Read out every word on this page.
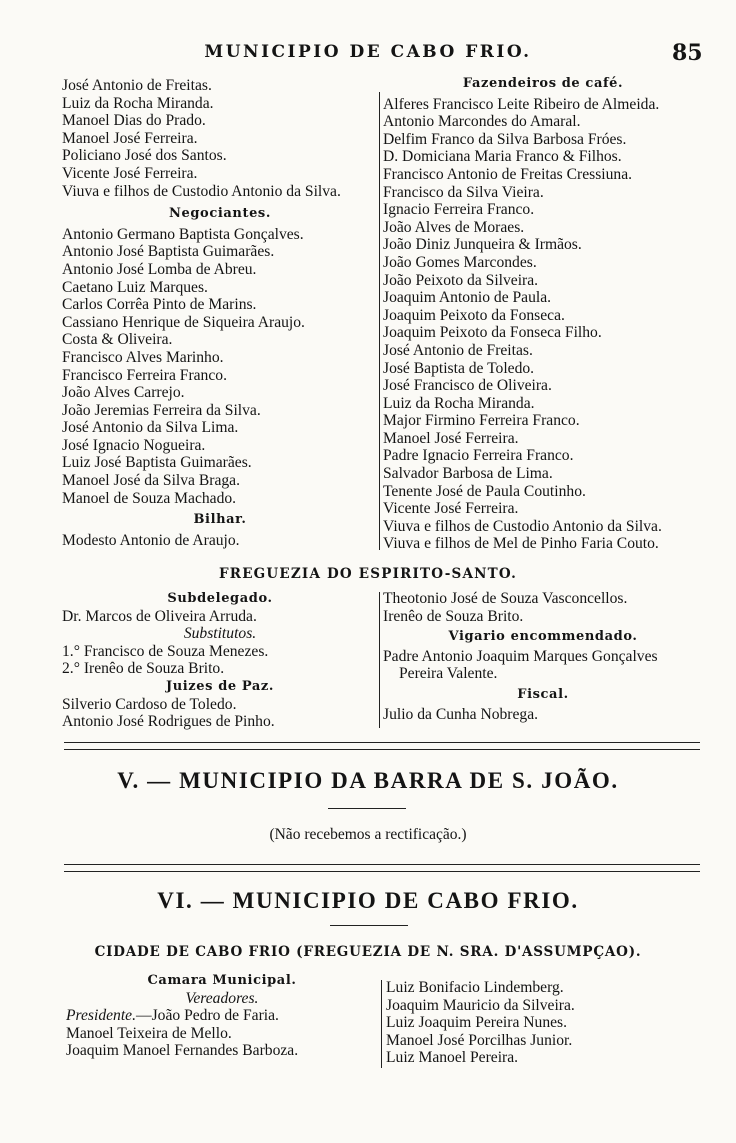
MUNICIPIO DE CABO FRIO.	85
José Antonio de Freitas.
Luiz da Rocha Miranda.
Manoel Dias do Prado.
Manoel José Ferreira.
Policiano José dos Santos.
Vicente José Ferreira.
Viuva e filhos de Custodio Antonio da Silva.
Negociantes.
Antonio Germano Baptista Gonçalves.
Antonio José Baptista Guimarães.
Antonio José Lomba de Abreu.
Caetano Luiz Marques.
Carlos Corrêa Pinto de Marins.
Cassiano Henrique de Siqueira Araujo.
Costa & Oliveira.
Francisco Alves Marinho.
Francisco Ferreira Franco.
João Alves Carrejo.
João Jeremias Ferreira da Silva.
José Antonio da Silva Lima.
José Ignacio Nogueira.
Luiz José Baptista Guimarães.
Manoel José da Silva Braga.
Manoel de Souza Machado.
Bilhar.
Modesto Antonio de Araujo.
Fazendeiros de café.
Alferes Francisco Leite Ribeiro de Almeida.
Antonio Marcondes do Amaral.
Delfim Franco da Silva Barbosa Fróes.
D. Domiciana Maria Franco & Filhos.
Francisco Antonio de Freitas Cressiuna.
Francisco da Silva Vieira.
Ignacio Ferreira Franco.
João Alves de Moraes.
João Diniz Junqueira & Irmãos.
João Gomes Marcondes.
João Peixoto da Silveira.
Joaquim Antonio de Paula.
Joaquim Peixoto da Fonseca.
Joaquim Peixoto da Fonseca Filho.
José Antonio de Freitas.
José Baptista de Toledo.
José Francisco de Oliveira.
Luiz da Rocha Miranda.
Major Firmino Ferreira Franco.
Manoel José Ferreira.
Padre Ignacio Ferreira Franco.
Salvador Barbosa de Lima.
Tenente José de Paula Coutinho.
Vicente José Ferreira.
Viuva e filhos de Custodio Antonio da Silva.
Viuva e filhos de Mel de Pinho Faria Couto.
FREGUEZIA DO ESPIRITO-SANTO.
Subdelegado.
Dr. Marcos de Oliveira Arruda.
Substitutos.
1.° Francisco de Souza Menezes.
2.° Irenêo de Souza Brito.
Juizes de Paz.
Silverio Cardoso de Toledo.
Antonio José Rodrigues de Pinho.
Theotonio José de Souza Vasconcellos.
Irenêo de Souza Brito.
Vigario encommendado.
Padre Antonio Joaquim Marques Gonçalves
Pereira Valente.
Fiscal.
Julio da Cunha Nobrega.
V. — MUNICIPIO DA BARRA DE S. JOÃO.
(Não recebemos a rectificação.)
VI. — MUNICIPIO DE CABO FRIO.
CIDADE DE CABO FRIO (FREGUEZIA DE N. SRA. D'ASSUMPÇAO).
Camara Municipal.
Vereadores.
Presidente.—João Pedro de Faria.
Manoel Teixeira de Mello.
Joaquim Manoel Fernandes Barboza.
Luiz Bonifacio Lindemberg.
Joaquim Mauricio da Silveira.
Luiz Joaquim Pereira Nunes.
Manoel José Porcilhas Junior.
Luiz Manoel Pereira.
